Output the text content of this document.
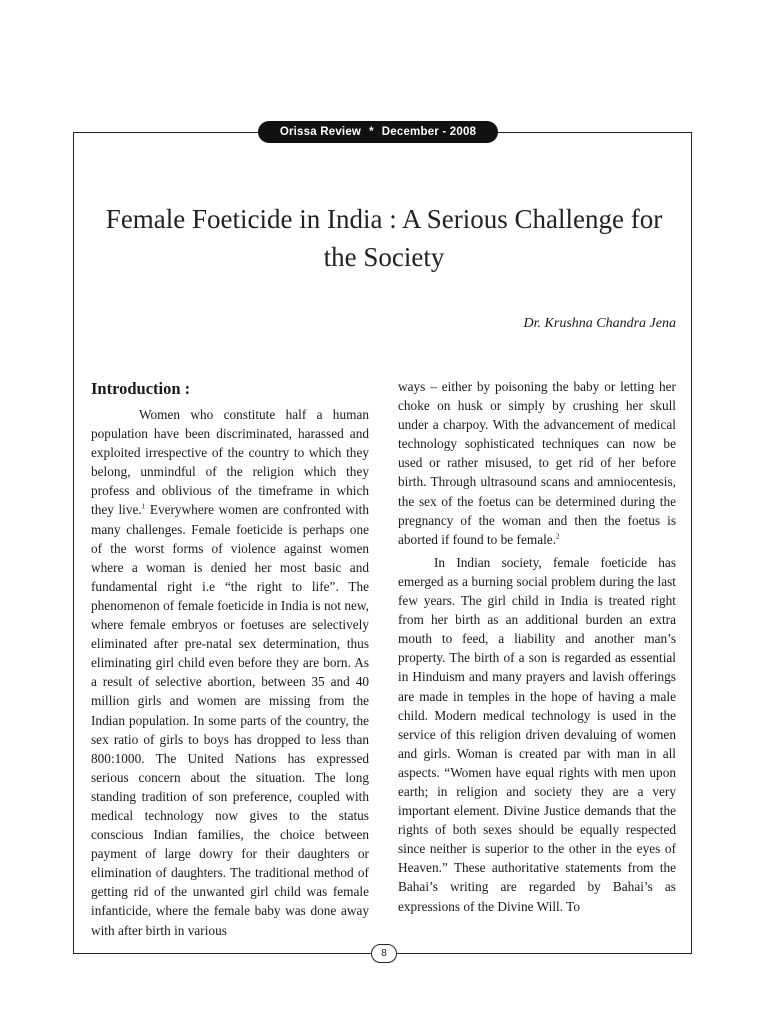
Orissa Review * December - 2008
Female Foeticide in India : A Serious Challenge for the Society
Dr. Krushna Chandra Jena
Introduction :

Women who constitute half a human population have been discriminated, harassed and exploited irrespective of the country to which they belong, unmindful of the religion which they profess and oblivious of the timeframe in which they live.$^1$ Everywhere women are confronted with many challenges. Female foeticide is perhaps one of the worst forms of violence against women where a woman is denied her most basic and fundamental right i.e “the right to life”. The phenomenon of female foeticide in India is not new, where female embryos or foetuses are selectively eliminated after pre-natal sex determination, thus eliminating girl child even before they are born. As a result of selective abortion, between 35 and 40 million girls and women are missing from the Indian population. In some parts of the country, the sex ratio of girls to boys has dropped to less than 800:1000. The United Nations has expressed serious concern about the situation. The long standing tradition of son preference, coupled with medical technology now gives to the status conscious Indian families, the choice between payment of large dowry for their daughters or elimination of daughters. The traditional method of getting rid of the unwanted girl child was female infanticide, where the female baby was done away with after birth in various

ways – either by poisoning the baby or letting her choke on husk or simply by crushing her skull under a charpoy. With the advancement of medical technology sophisticated techniques can now be used or rather misused, to get rid of her before birth. Through ultrasound scans and amniocentesis, the sex of the foetus can be determined during the pregnancy of the woman and then the foetus is aborted if found to be female.$^2$

In Indian society, female foeticide has emerged as a burning social problem during the last few years. The girl child in India is treated right from her birth as an additional burden an extra mouth to feed, a liability and another man’s property. The birth of a son is regarded as essential in Hinduism and many prayers and lavish offerings are made in temples in the hope of having a male child. Modern medical technology is used in the service of this religion driven devaluing of women and girls. Woman is created par with man in all aspects. “Women have equal rights with men upon earth; in religion and society they are a very important element. Divine Justice demands that the rights of both sexes should be equally respected since neither is superior to the other in the eyes of Heaven.” These authoritative statements from the Bahai’s writing are regarded by Bahai’s as expressions of the Divine Will. To

8
